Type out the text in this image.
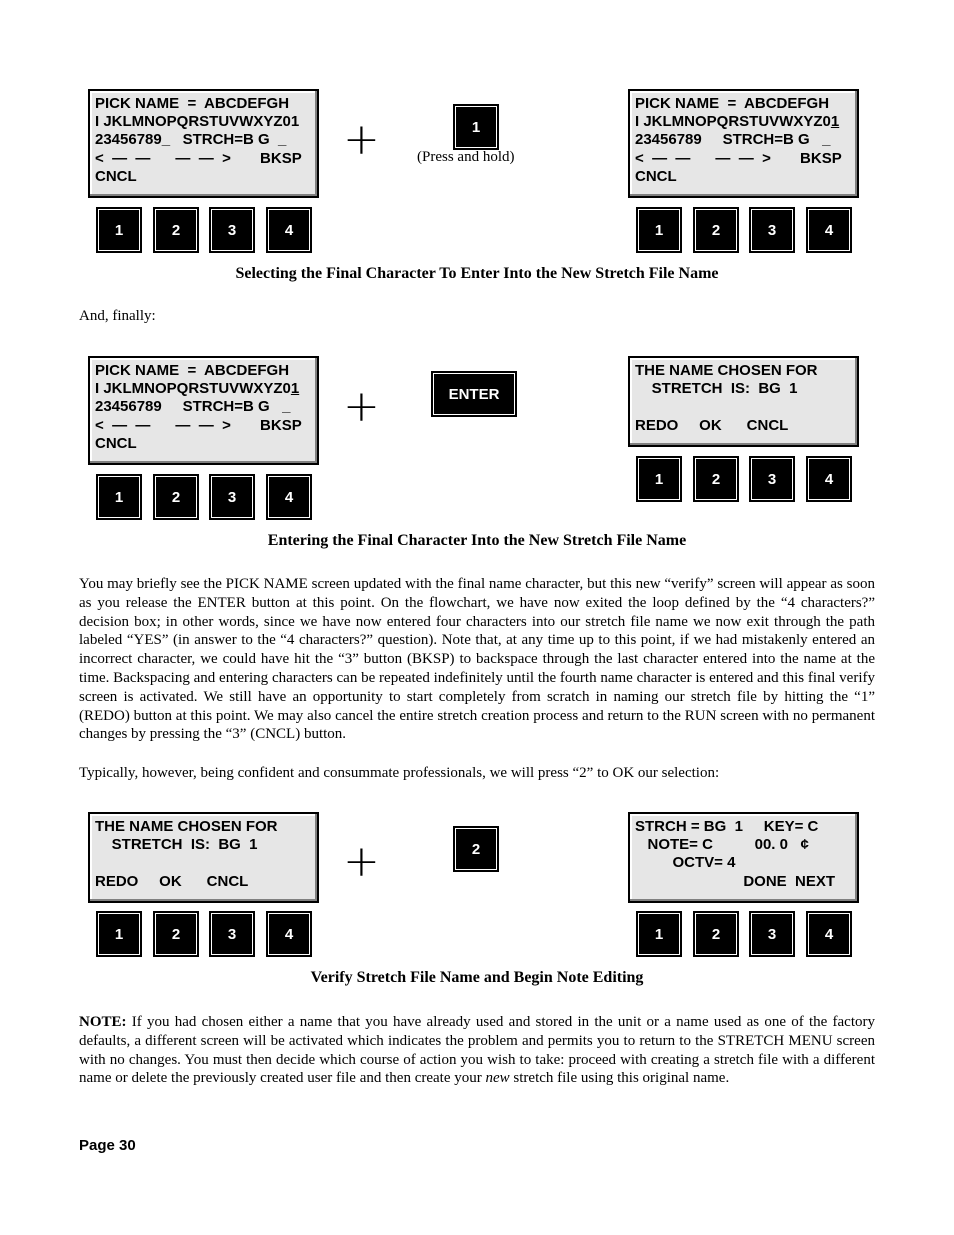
PICK NAME  =  ABCDEFGH
I JKLMNOPQRSTUVWXYZ01
23456789_   STRCH=B G  _
<  —  —      —  —  >       BKSP
CNCL
+	1
(Press and hold)
PICK NAME  =  ABCDEFGH
I JKLMNOPQRSTUVWXYZ01
23456789     STRCH=B G   _
<  —  —      —  —  >       BKSP
CNCL
1	2	3	4	1	2	3	4
Selecting the Final Character To Enter Into the New Stretch File Name
And, finally:
PICK NAME  =  ABCDEFGH
I JKLMNOPQRSTUVWXYZ01
23456789     STRCH=B G   _
<  —  —      —  —  >       BKSP
CNCL
+	ENTER
THE NAME CHOSEN FOR
STRETCH  IS:  BG  1
REDO     OK      CNCL
1	2	3	4
1	2	3	4
Entering the Final Character Into the New Stretch File Name
You may briefly see the PICK NAME screen updated with the final name character, but this new “verify” screen will appear as soon as you release the ENTER button at this point. On the flowchart, we have now exited the loop defined by the “4 characters?” decision box; in other words, since we have now entered four characters into our stretch file name we now exit through the path labeled “YES” (in answer to the “4 characters?” question). Note that, at any time up to this point, if we had mistakenly entered an incorrect character, we could have hit the “3” button (BKSP) to backspace through the last character entered into the name at the time. Backspacing and entering characters can be repeated indefinitely until the fourth name character is entered and this final verify screen is activated. We still have an opportunity to start completely from scratch in naming our stretch file by hitting the “1” (REDO) button at this point. We may also cancel the entire stretch creation process and return to the RUN screen with no permanent changes by pressing the “3” (CNCL) button.
Typically, however, being confident and consummate professionals, we will press “2” to OK our selection:
THE NAME CHOSEN FOR
STRETCH  IS:  BG  1
REDO     OK      CNCL	+	2
STRCH = BG  1     KEY= C
NOTE= C          00. 0   ¢
OCTV= 4
DONE  NEXT
1	2	3	4	1	2	3	4
Verify Stretch File Name and Begin Note Editing
NOTE: If you had chosen either a name that you have already used and stored in the unit or a name used as one of the factory defaults, a different screen will be activated which indicates the problem and permits you to return to the STRETCH MENU screen with no changes. You must then decide which course of action you wish to take: proceed with creating a stretch file with a different name or delete the previously created user file and then create your new stretch file using this original name.
Page 30
